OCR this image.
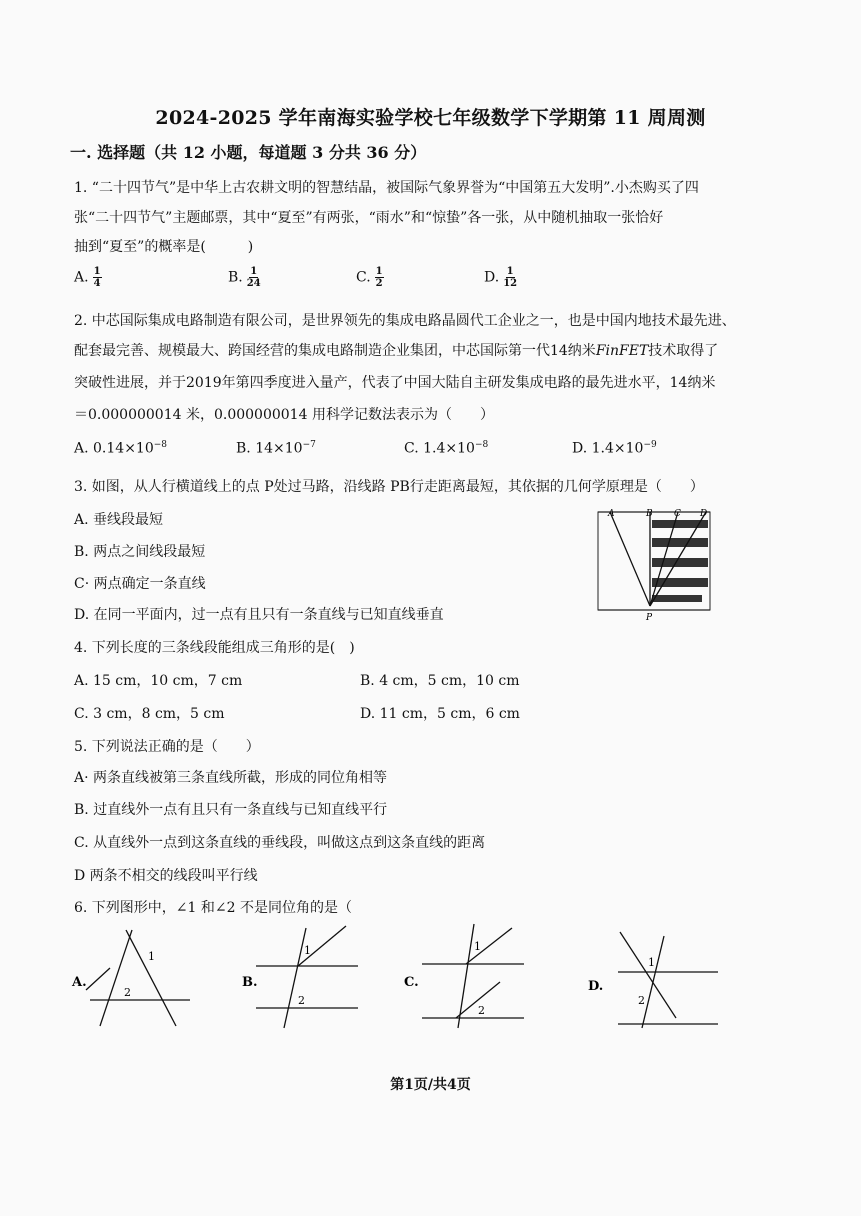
2024-2025 学年南海实验学校七年级数学下学期第 11 周周测
一. 选择题（共 12 小题，每道题 3 分共 36 分）
1. “二十四节气”是中华上古农耕文明的智慧结晶，被国际气象界誉为“中国第五大发明”.小杰购买了四
张“二十四节气”主题邮票，其中“夏至”有两张，“雨水”和“惊蛰”各一张，从中随机抽取一张恰好
抽到“夏至”的概率是(　　　)
A. $\frac{1}{4}$	B. $\frac{1}{24}$	C. $\frac{1}{2}$	D. $\frac{1}{12}$
2. 中芯国际集成电路制造有限公司，是世界领先的集成电路晶圆代工企业之一，也是中国内地技术最先进、
配套最完善、规模最大、跨国经营的集成电路制造企业集团，中芯国际第一代14纳米FinFET技术取得了
突破性进展，并于2019年第四季度进入量产，代表了中国大陆自主研发集成电路的最先进水平，14纳米
＝0.000000014 米，0.000000014 用科学记数法表示为（　　）
A. $0.14\times 10^{-8}$	B. $14\times 10^{-7}$	C. $1.4\times 10^{-8}$	D. $1.4\times 10^{-9}$
3. 如图，从人行横道线上的点 P处过马路，沿线路 PB行走距离最短，其依据的几何学原理是（　　）
A. 垂线段最短
B. 两点之间线段最短
C· 两点确定一条直线
D. 在同一平面内，过一点有且只有一条直线与已知直线垂直
A	B C D
P
4. 下列长度的三条线段能组成三角形的是(　)
A. 15 cm，10 cm，7 cm	B. 4 cm，5 cm，10 cm
C. 3 cm，8 cm，5 cm	D. 11 cm，5 cm，6 cm
5. 下列说法正确的是（　　）
A· 两条直线被第三条直线所截，形成的同位角相等
B. 过直线外一点有且只有一条直线与已知直线平行
C. 从直线外一点到这条直线的垂线段，叫做这点到这条直线的距离
D 两条不相交的线段叫平行线
6. 下列图形中，∠1 和∠2 不是同位角的是（
A.
1
2
B.
1
2
C.
1
2
D.
1
2
第1页/共4页
